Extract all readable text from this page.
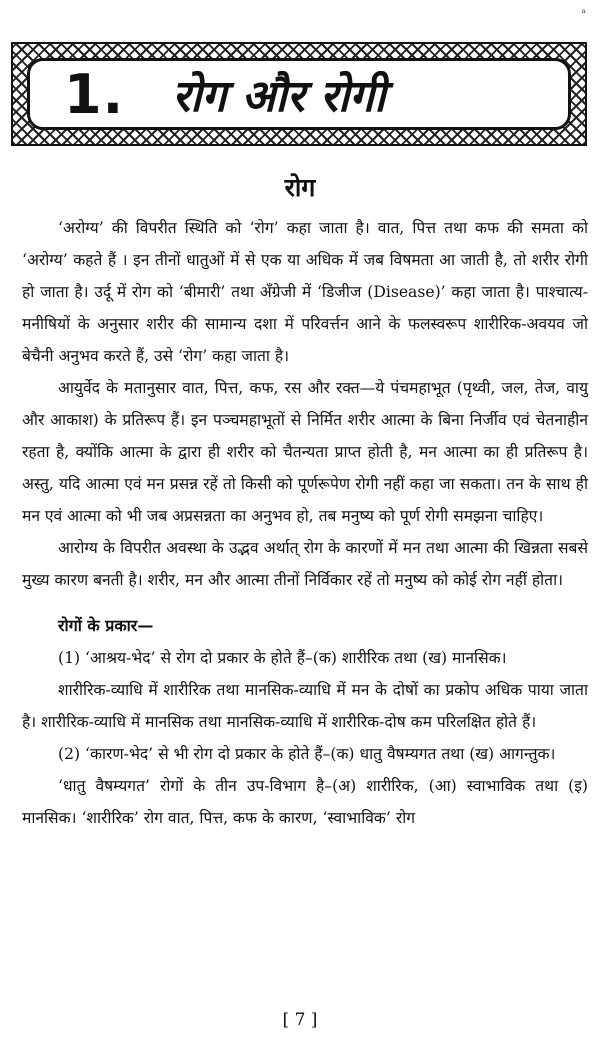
ᵃ
1. रोग और रोगी
रोग

‘अरोग्य’ की विपरीत स्थिति को ‘रोग’ कहा जाता है। वात, पित्त तथा कफ की समता को ‘अरोग्य’ कहते हैं । इन तीनों धातुओं में से एक या अधिक में जब विषमता आ जाती है, तो शरीर रोगी हो जाता है। उर्दू में रोग को ‘बीमारी’ तथा अँग्रेजी में ‘डिजीज (Disease)’ कहा जाता है। पाश्चात्य-मनीषियों के अनुसार शरीर की सामान्य दशा में परिवर्त्तन आने के फलस्वरूप शारीरिक-अवयव जो बेचैनी अनुभव करते हैं, उसे ‘रोग’ कहा जाता है।

आयुर्वेद के मतानुसार वात, पित्त, कफ, रस और रक्त—ये पंचमहाभूत (पृथ्वी, जल, तेज, वायु और आकाश) के प्रतिरूप हैं। इन पञ्चमहाभूतों से निर्मित शरीर आत्मा के बिना निर्जीव एवं चेतनाहीन रहता है, क्योंकि आत्मा के द्वारा ही शरीर को चैतन्यता प्राप्त होती है, मन आत्मा का ही प्रतिरूप है। अस्तु, यदि आत्मा एवं मन प्रसन्न रहें तो किसी को पूर्णरूपेण रोगी नहीं कहा जा सकता। तन के साथ ही मन एवं आत्मा को भी जब अप्रसन्नता का अनुभव हो, तब मनुष्य को पूर्ण रोगी समझना चाहिए।

आरोग्य के विपरीत अवस्था के उद्भव अर्थात् रोग के कारणों में मन तथा आत्मा की खिन्नता सबसे मुख्य कारण बनती है। शरीर, मन और आत्मा तीनों निर्विकार रहें तो मनुष्य को कोई रोग नहीं होता।

रोगों के प्रकार—

(1) ‘आश्रय-भेद’ से रोग दो प्रकार के होते हैं–(क) शारीरिक तथा (ख) मानसिक।

शारीरिक-व्याधि में शारीरिक तथा मानसिक-व्याधि में मन के दोषों का प्रकोप अधिक पाया जाता है। शारीरिक-व्याधि में मानसिक तथा मानसिक-व्याधि में शारीरिक-दोष कम परिलक्षित होते हैं।

(2) ‘कारण-भेद’ से भी रोग दो प्रकार के होते हैं–(क) धातु वैषम्यगत तथा (ख) आगन्तुक।

‘धातु वैषम्यगत’ रोगों के तीन उप-विभाग है–(अ) शारीरिक, (आ) स्वाभाविक तथा (इ) मानसिक। ‘शारीरिक’ रोग वात, पित्त, कफ के कारण, ‘स्वाभाविक’ रोग

[ 7 ]
